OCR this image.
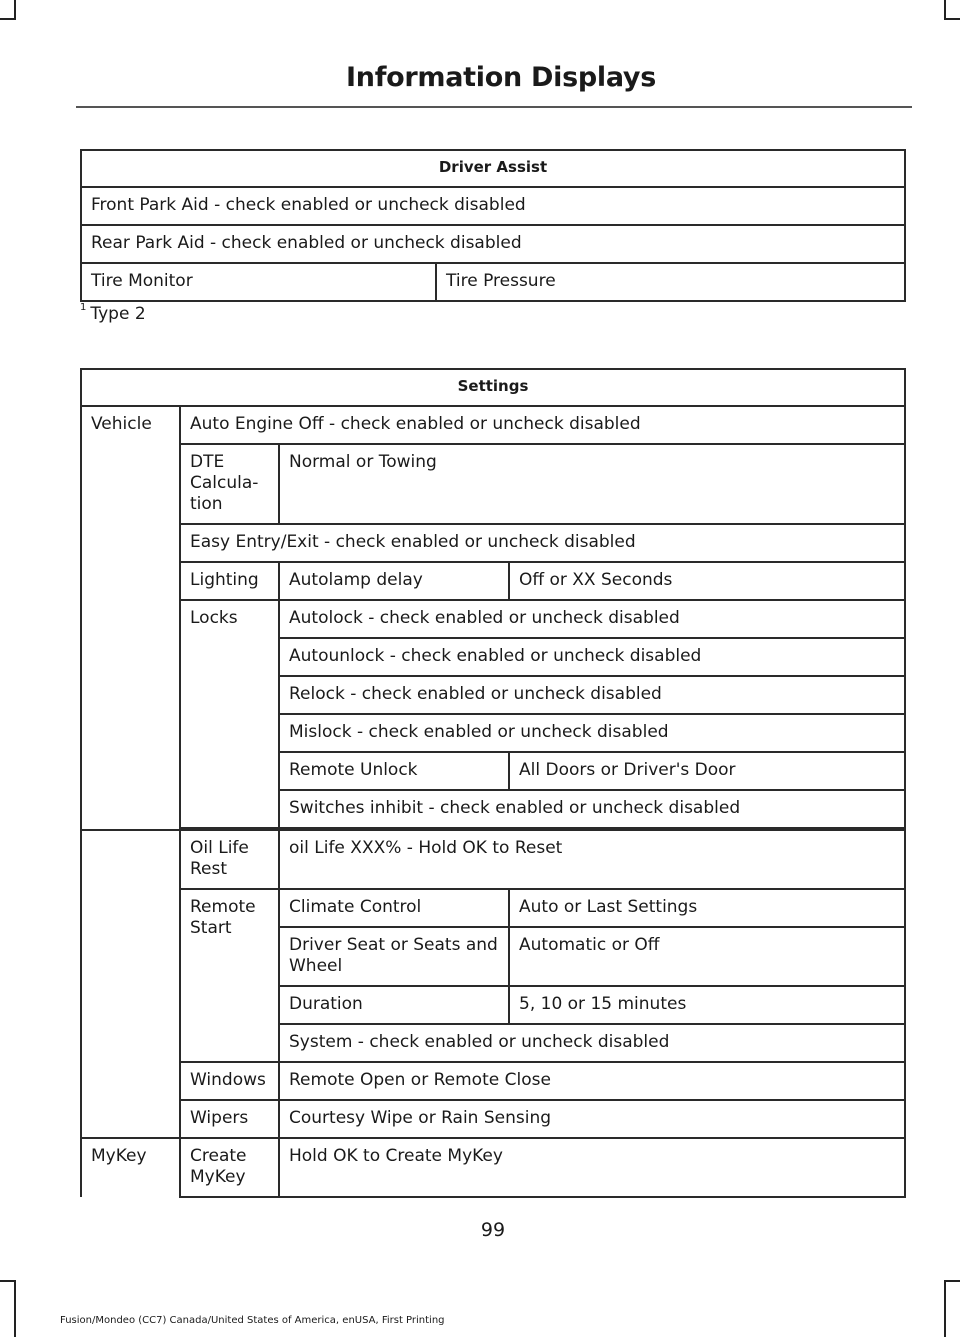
Information Displays
Driver Assist
Front Park Aid - check enabled or uncheck disabled
Rear Park Aid - check enabled or uncheck disabled
Tire Monitor	Tire Pressure
$^1$ Type 2
Settings			
Vehicle	Auto Engine Off - check enabled or uncheck disabled		
	DTE Calcula- tion	Normal or Towing	
	Easy Entry/Exit - check enabled or uncheck disabled		
	Lighting	Autolamp delay	Off or XX Seconds
	Locks	Autolock - check enabled or uncheck disabled	
		Autounlock - check enabled or uncheck disabled	
		Relock - check enabled or uncheck disabled	
		Mislock - check enabled or uncheck disabled	
		Remote Unlock	All Doors or Driver's Door
		Switches inhibit - check enabled or uncheck disabled	

	Oil Life Rest	oil Life XXX% - Hold OK to Reset	
	Remote Start	Climate Control	Auto or Last Settings
		Driver Seat or Seats and Wheel	Automatic or Off
		Duration	5, 10 or 15 minutes
		System - check enabled or uncheck disabled	
	Windows	Remote Open or Remote Close	
	Wipers	Courtesy Wipe or Rain Sensing	
MyKey	Create MyKey	Hold OK to Create MyKey	
99
Fusion/Mondeo (CC7) Canada/United States of America, enUSA, First Printing
